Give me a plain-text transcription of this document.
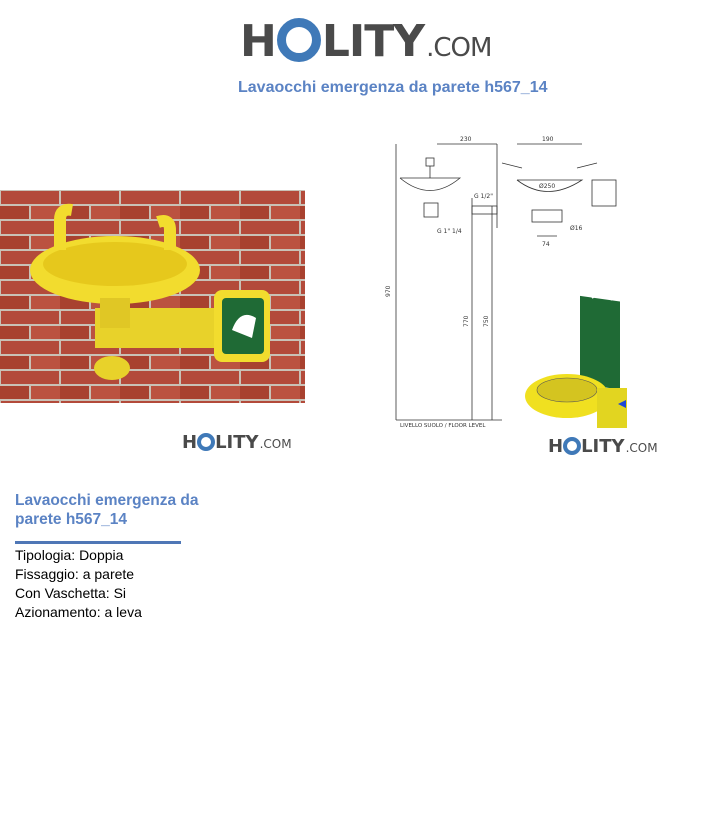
H LITY .COM
Lavaocchi emergenza da parete h567_14
230	190
Ø250
G 1/2"
G 1" 1/4
970
770 750
74
Ø16
LIVELLO SUOLO / FLOOR LEVEL
H LITY .COM	H LITY .COM
Lavaocchi emergenza da parete h567_14
Tipologia: Doppia
Fissaggio: a parete
Con Vaschetta: Si
Azionamento: a leva
